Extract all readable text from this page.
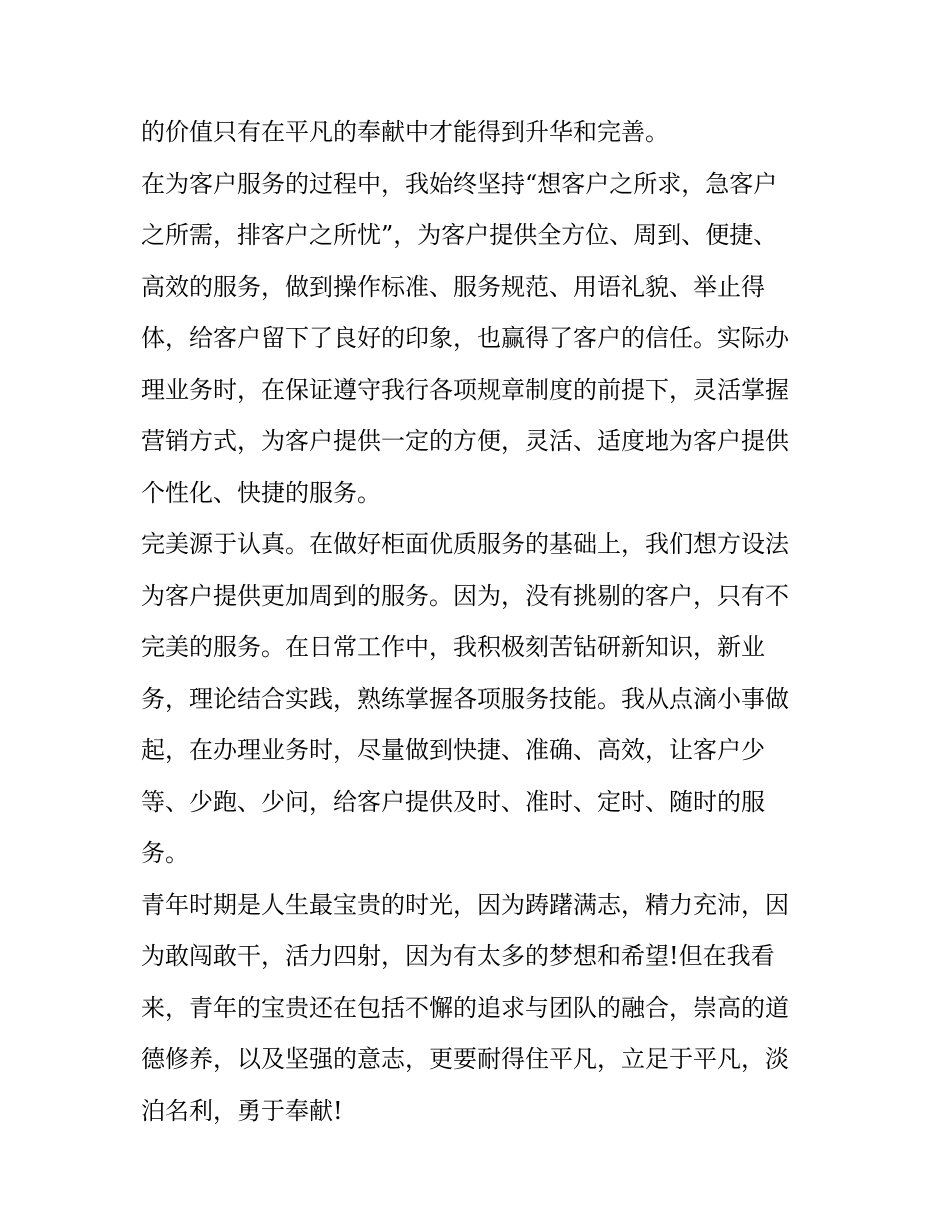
的价值只有在平凡的奉献中才能得到升华和完善。
在为客户服务的过程中，我始终坚持“想客户之所求，急客户
之所需，排客户之所忧”，为客户提供全方位、周到、便捷、
高效的服务，做到操作标准、服务规范、用语礼貌、举止得
体，给客户留下了良好的印象，也赢得了客户的信任。实际办
理业务时，在保证遵守我行各项规章制度的前提下，灵活掌握
营销方式，为客户提供一定的方便，灵活、适度地为客户提供
个性化、快捷的服务。
完美源于认真。在做好柜面优质服务的基础上，我们想方设法
为客户提供更加周到的服务。因为，没有挑剔的客户，只有不
完美的服务。在日常工作中，我积极刻苦钻研新知识，新业
务，理论结合实践，熟练掌握各项服务技能。我从点滴小事做
起，在办理业务时，尽量做到快捷、准确、高效，让客户少
等、少跑、少问，给客户提供及时、准时、定时、随时的服
务。
青年时期是人生最宝贵的时光，因为踌躇满志，精力充沛，因
为敢闯敢干，活力四射，因为有太多的梦想和希望!但在我看
来，青年的宝贵还在包括不懈的追求与团队的融合，崇高的道
德修养，以及坚强的意志，更要耐得住平凡，立足于平凡，淡
泊名利，勇于奉献!
